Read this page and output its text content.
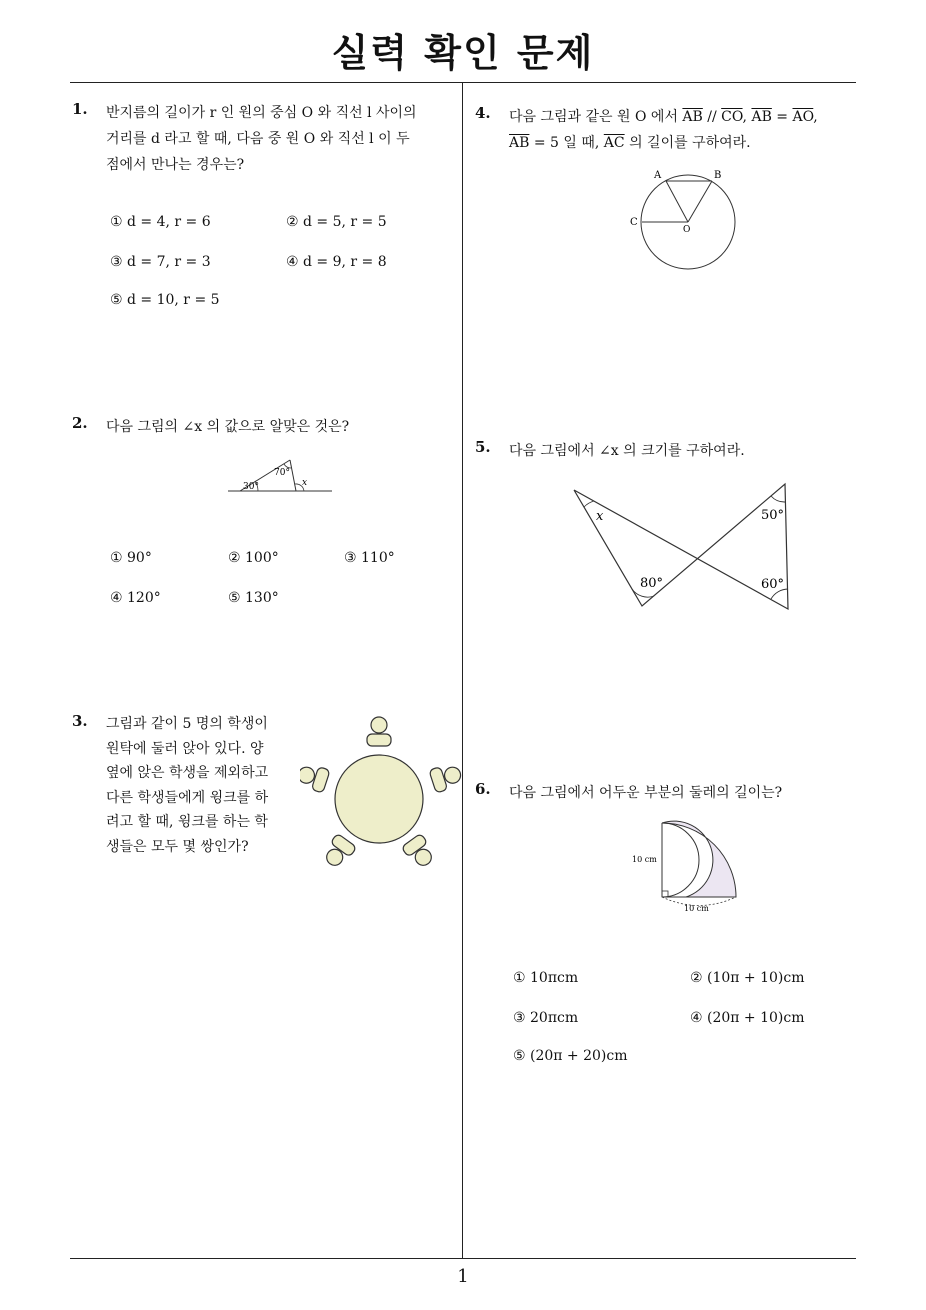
실력 확인 문제
1
1. 반지름의 길이가 r 인 원의 중심 O 와 직선 l 사이의
거리를 d 라고 할 때, 다음 중 원 O 와 직선 l 이 두
점에서 만나는 경우는?
① d = 4, r = 6	② d = 5, r = 5
③ d = 7, r = 3	④ d = 9, r = 8
⑤ d = 10, r = 5
2. 다음 그림의 ∠x 의 값으로 알맞은 것은?
30°
70°
x
① 90°	② 100°	③ 110°
④ 120°	⑤ 130°
3. 그림과 같이 5 명의 학생이
원탁에 둘러 앉아 있다. 양
옆에 앉은 학생을 제외하고
다른 학생들에게 윙크를 하
려고 할 때, 윙크를 하는 학
생들은 모두 몇 쌍인가?
4. 다음 그림과 같은 원 O 에서 $\overline{AB} // \overline{CO}$, $\overline{AB} = \overline{AO}$,
$\overline{AB} = 5$ 일 때, $\overline{AC}$ 의 길이를 구하여라.
A	B
C
O
5. 다음 그림에서 ∠x 의 크기를 구하여라.
x
80°
50°
60°
6. 다음 그림에서 어두운 부분의 둘레의 길이는?
10 cm
10 cm
① 10πcm	② (10π + 10)cm
③ 20πcm	④ (20π + 10)cm
⑤ (20π + 20)cm
